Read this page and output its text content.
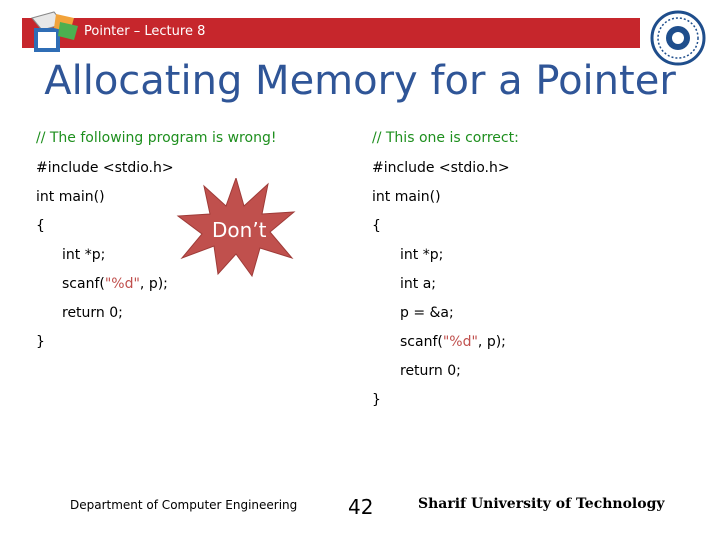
Pointer – Lecture 8
Allocating Memory for a Pointer
// The following program is wrong!
#include <stdio.h>
int main()
{
int *p;
scanf("%d", p);
return 0;
}
// This one is correct:
#include <stdio.h>
int main()
{
int *p;
int a;
p = &a;
scanf("%d", p);
return 0;
}
Don’t
Department of Computer Engineering	42	Sharif University of Technology
